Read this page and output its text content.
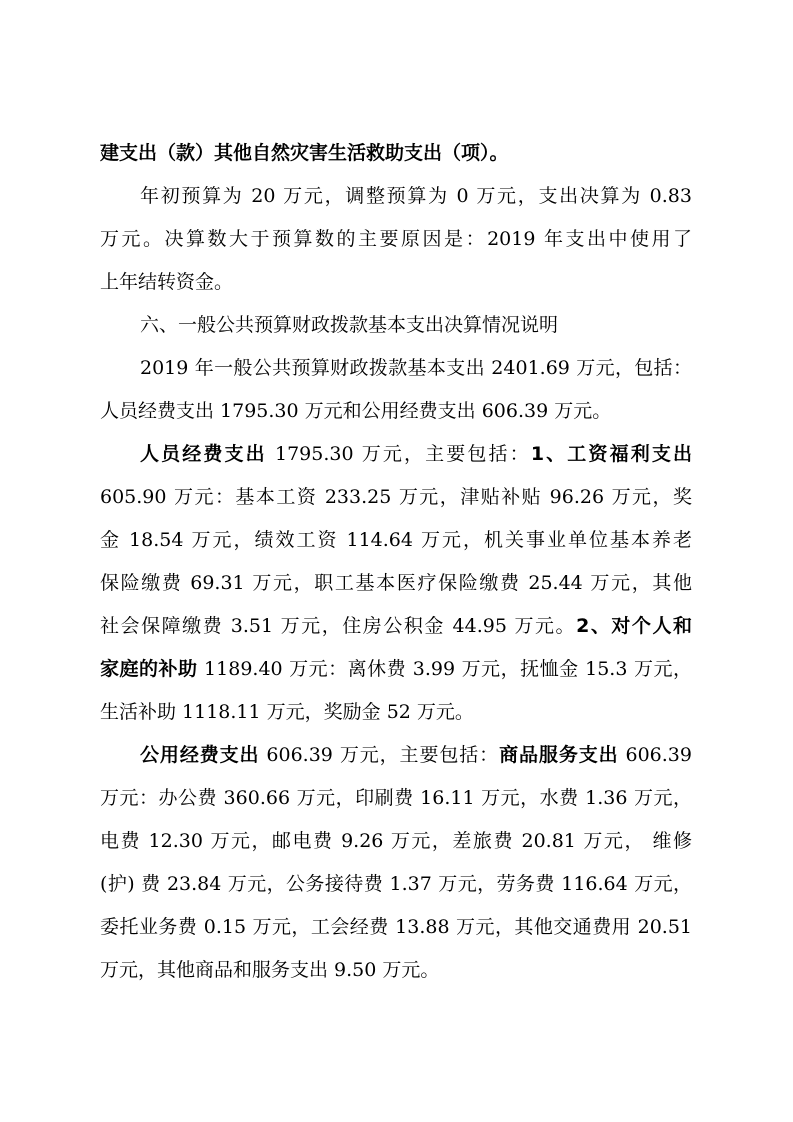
建支出（款）其他自然灾害生活救助支出（项）。
年初预算为 20 万元，调整预算为 0 万元，支出决算为 0.83
万元。决算数大于预算数的主要原因是：2019 年支出中使用了
上年结转资金。
六、一般公共预算财政拨款基本支出决算情况说明
2019 年一般公共预算财政拨款基本支出 2401.69 万元，包括：
人员经费支出 1795.30 万元和公用经费支出 606.39 万元。
人员经费支出 1795.30 万元，主要包括：1、工资福利支出
605.90 万元：基本工资 233.25 万元，津贴补贴 96.26 万元，奖
金 18.54 万元，绩效工资 114.64 万元，机关事业单位基本养老
保险缴费 69.31 万元，职工基本医疗保险缴费 25.44 万元，其他
社会保障缴费 3.51 万元，住房公积金 44.95 万元。2、对个人和
家庭的补助 1189.40 万元：离休费 3.99 万元，抚恤金 15.3 万元，
生活补助 1118.11 万元，奖励金 52 万元。
公用经费支出 606.39 万元，主要包括：商品服务支出 606.39
万元：办公费 360.66 万元，印刷费 16.11 万元，水费 1.36 万元，
电费 12.30 万元，邮电费 9.26 万元，差旅费 20.81 万元， 维修
(护) 费 23.84 万元，公务接待费 1.37 万元，劳务费 116.64 万元，
委托业务费 0.15 万元，工会经费 13.88 万元，其他交通费用 20.51
万元，其他商品和服务支出 9.50 万元。
